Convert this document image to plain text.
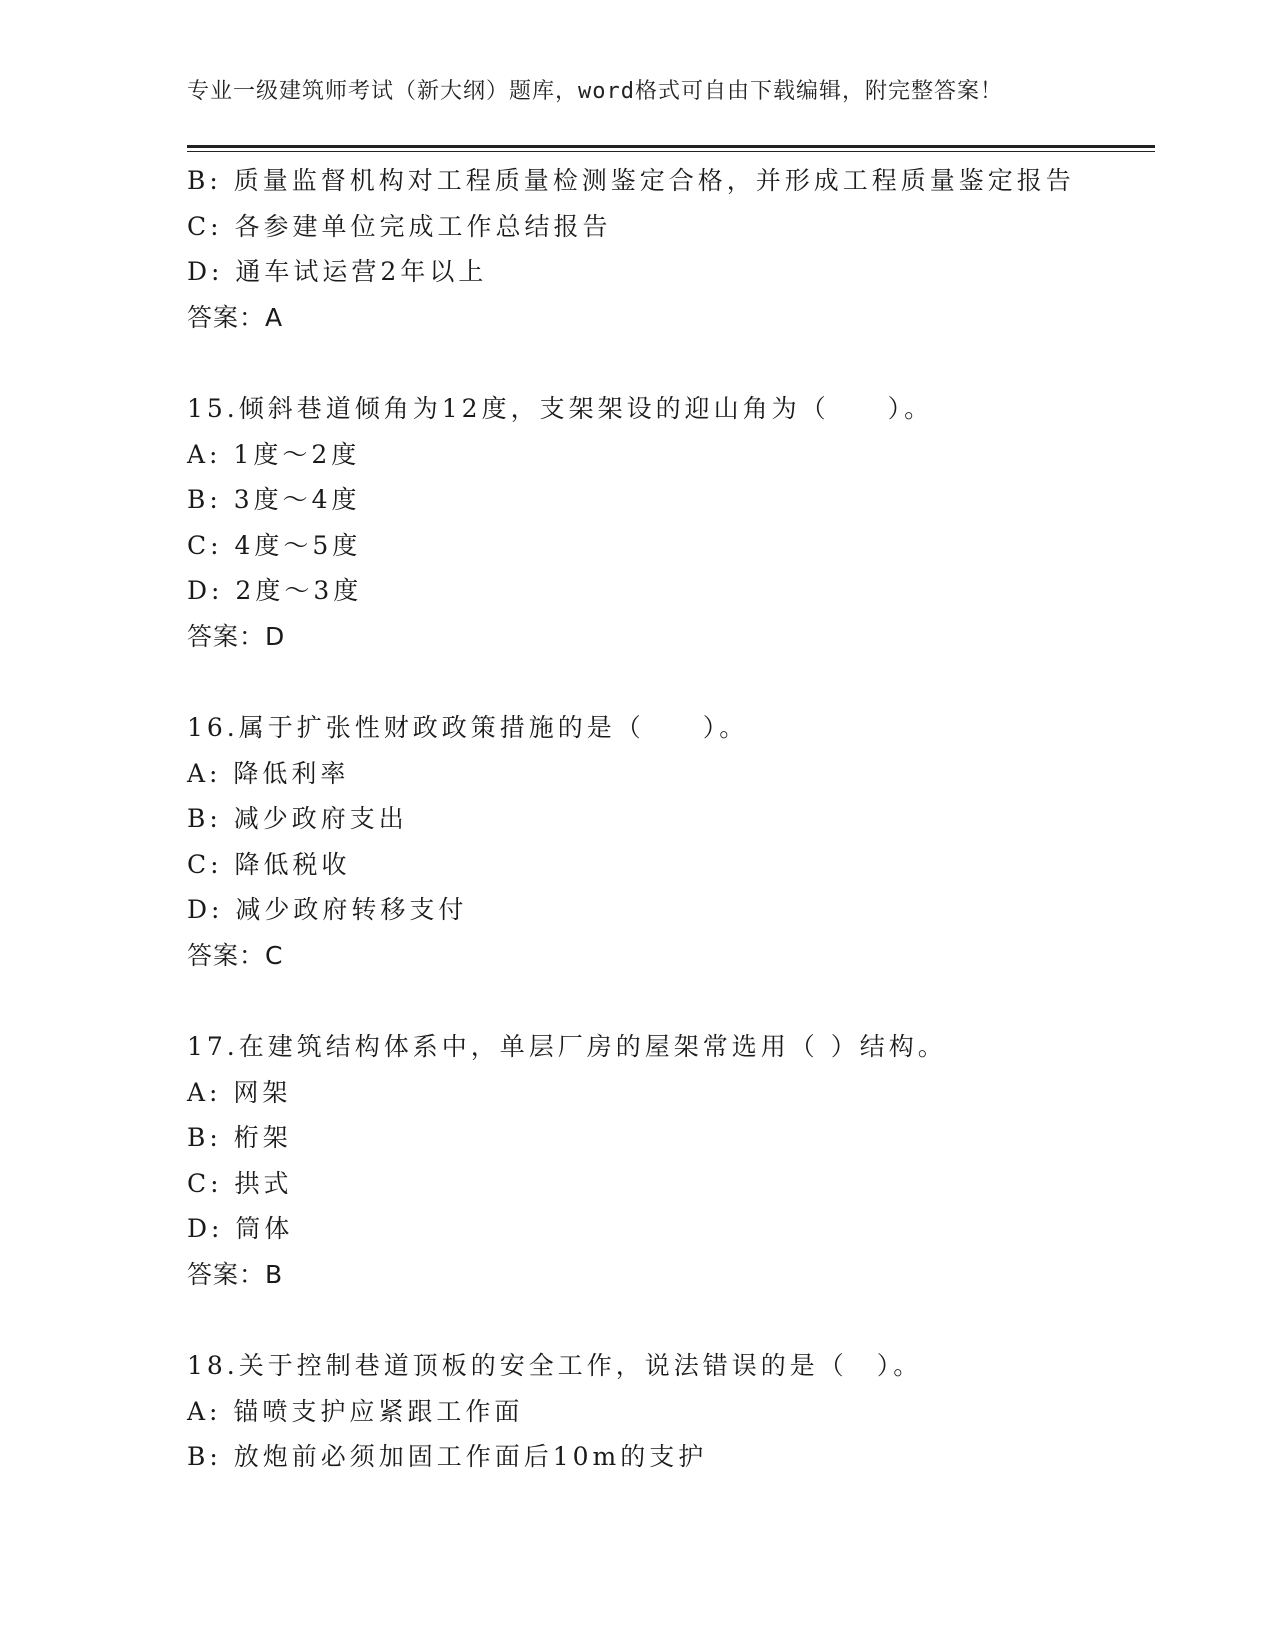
专业一级建筑师考试（新大纲）题库，word格式可自由下载编辑，附完整答案！
B: 质量监督机构对工程质量检测鉴定合格，并形成工程质量鉴定报告
C: 各参建单位完成工作总结报告
D: 通车试运营2年以上
答案：A
15.倾斜巷道倾角为12度，支架架设的迎山角为（　　）。
A: 1度～2度
B: 3度～4度
C: 4度～5度
D: 2度～3度
答案：D
16.属于扩张性财政政策措施的是（　　）。
A: 降低利率
B: 减少政府支出
C: 降低税收
D: 减少政府转移支付
答案：C
17.在建筑结构体系中，单层厂房的屋架常选用（ ）结构。
A: 网架
B: 桁架
C: 拱式
D: 筒体
答案：B
18.关于控制巷道顶板的安全工作，说法错误的是（　）。
A: 锚喷支护应紧跟工作面
B: 放炮前必须加固工作面后10m的支护
